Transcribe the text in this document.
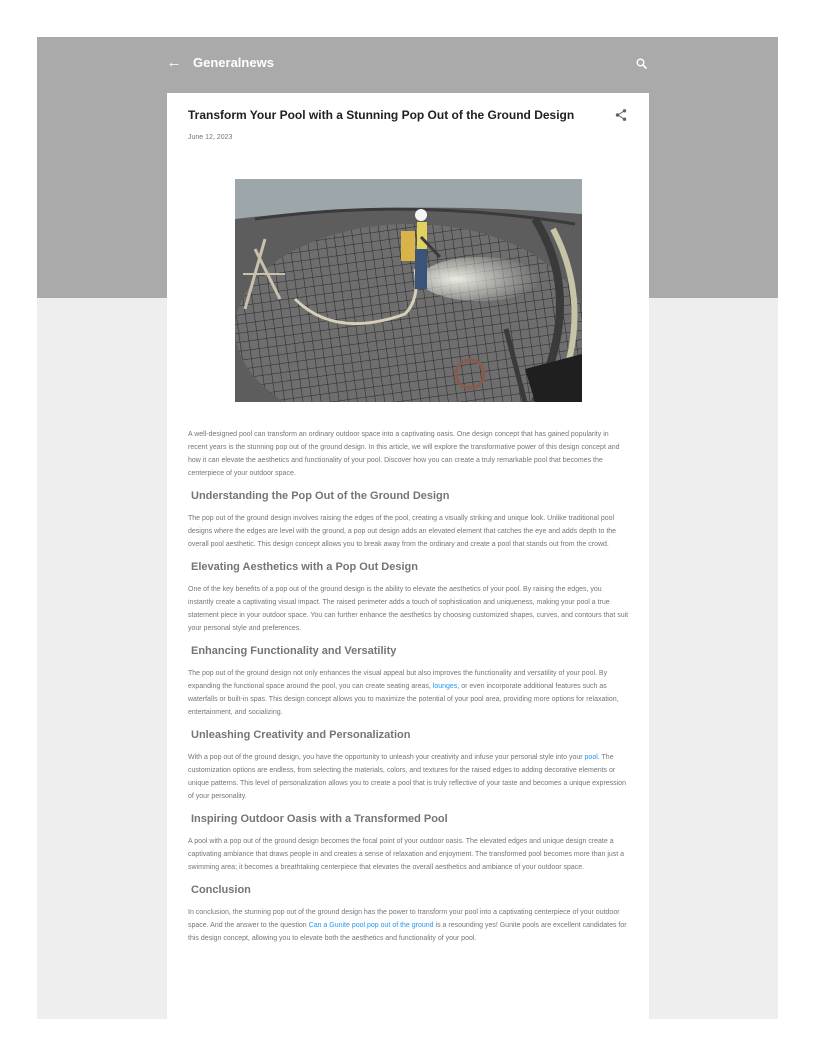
← Generalnews
Transform Your Pool with a Stunning Pop Out of the Ground Design
June 12, 2023

A well-designed pool can transform an ordinary outdoor space into a captivating oasis. One design concept that has gained popularity in recent years is the stunning pop out of the ground design. In this article, we will explore the transformative power of this design concept and how it can elevate the aesthetics and functionality of your pool. Discover how you can create a truly remarkable pool that becomes the centerpiece of your outdoor space.

Understanding the Pop Out of the Ground Design

The pop out of the ground design involves raising the edges of the pool, creating a visually striking and unique look. Unlike traditional pool designs where the edges are level with the ground, a pop out design adds an elevated element that catches the eye and adds depth to the overall pool aesthetic. This design concept allows you to break away from the ordinary and create a pool that stands out from the crowd.

Elevating Aesthetics with a Pop Out Design

One of the key benefits of a pop out of the ground design is the ability to elevate the aesthetics of your pool. By raising the edges, you instantly create a captivating visual impact. The raised perimeter adds a touch of sophistication and uniqueness, making your pool a true statement piece in your outdoor space. You can further enhance the aesthetics by choosing customized shapes, curves, and contours that suit your personal style and preferences.

Enhancing Functionality and Versatility

The pop out of the ground design not only enhances the visual appeal but also improves the functionality and versatility of your pool. By expanding the functional space around the pool, you can create seating areas, lounges, or even incorporate additional features such as waterfalls or built-in spas. This design concept allows you to maximize the potential of your pool area, providing more options for relaxation, entertainment, and socializing.

Unleashing Creativity and Personalization

With a pop out of the ground design, you have the opportunity to unleash your creativity and infuse your personal style into your pool. The customization options are endless, from selecting the materials, colors, and textures for the raised edges to adding decorative elements or unique patterns. This level of personalization allows you to create a pool that is truly reflective of your taste and becomes a unique expression of your personality.

Inspiring Outdoor Oasis with a Transformed Pool

A pool with a pop out of the ground design becomes the focal point of your outdoor oasis. The elevated edges and unique design create a captivating ambiance that draws people in and creates a sense of relaxation and enjoyment. The transformed pool becomes more than just a swimming area; it becomes a breathtaking centerpiece that elevates the overall aesthetics and ambiance of your outdoor space.

Conclusion

In conclusion, the stunning pop out of the ground design has the power to transform your pool into a captivating centerpiece of your outdoor space. And the answer to the question Can a Gunite pool pop out of the ground is a resounding yes! Gunite pools are excellent candidates for this design concept, allowing you to elevate both the aesthetics and functionality of your pool.
